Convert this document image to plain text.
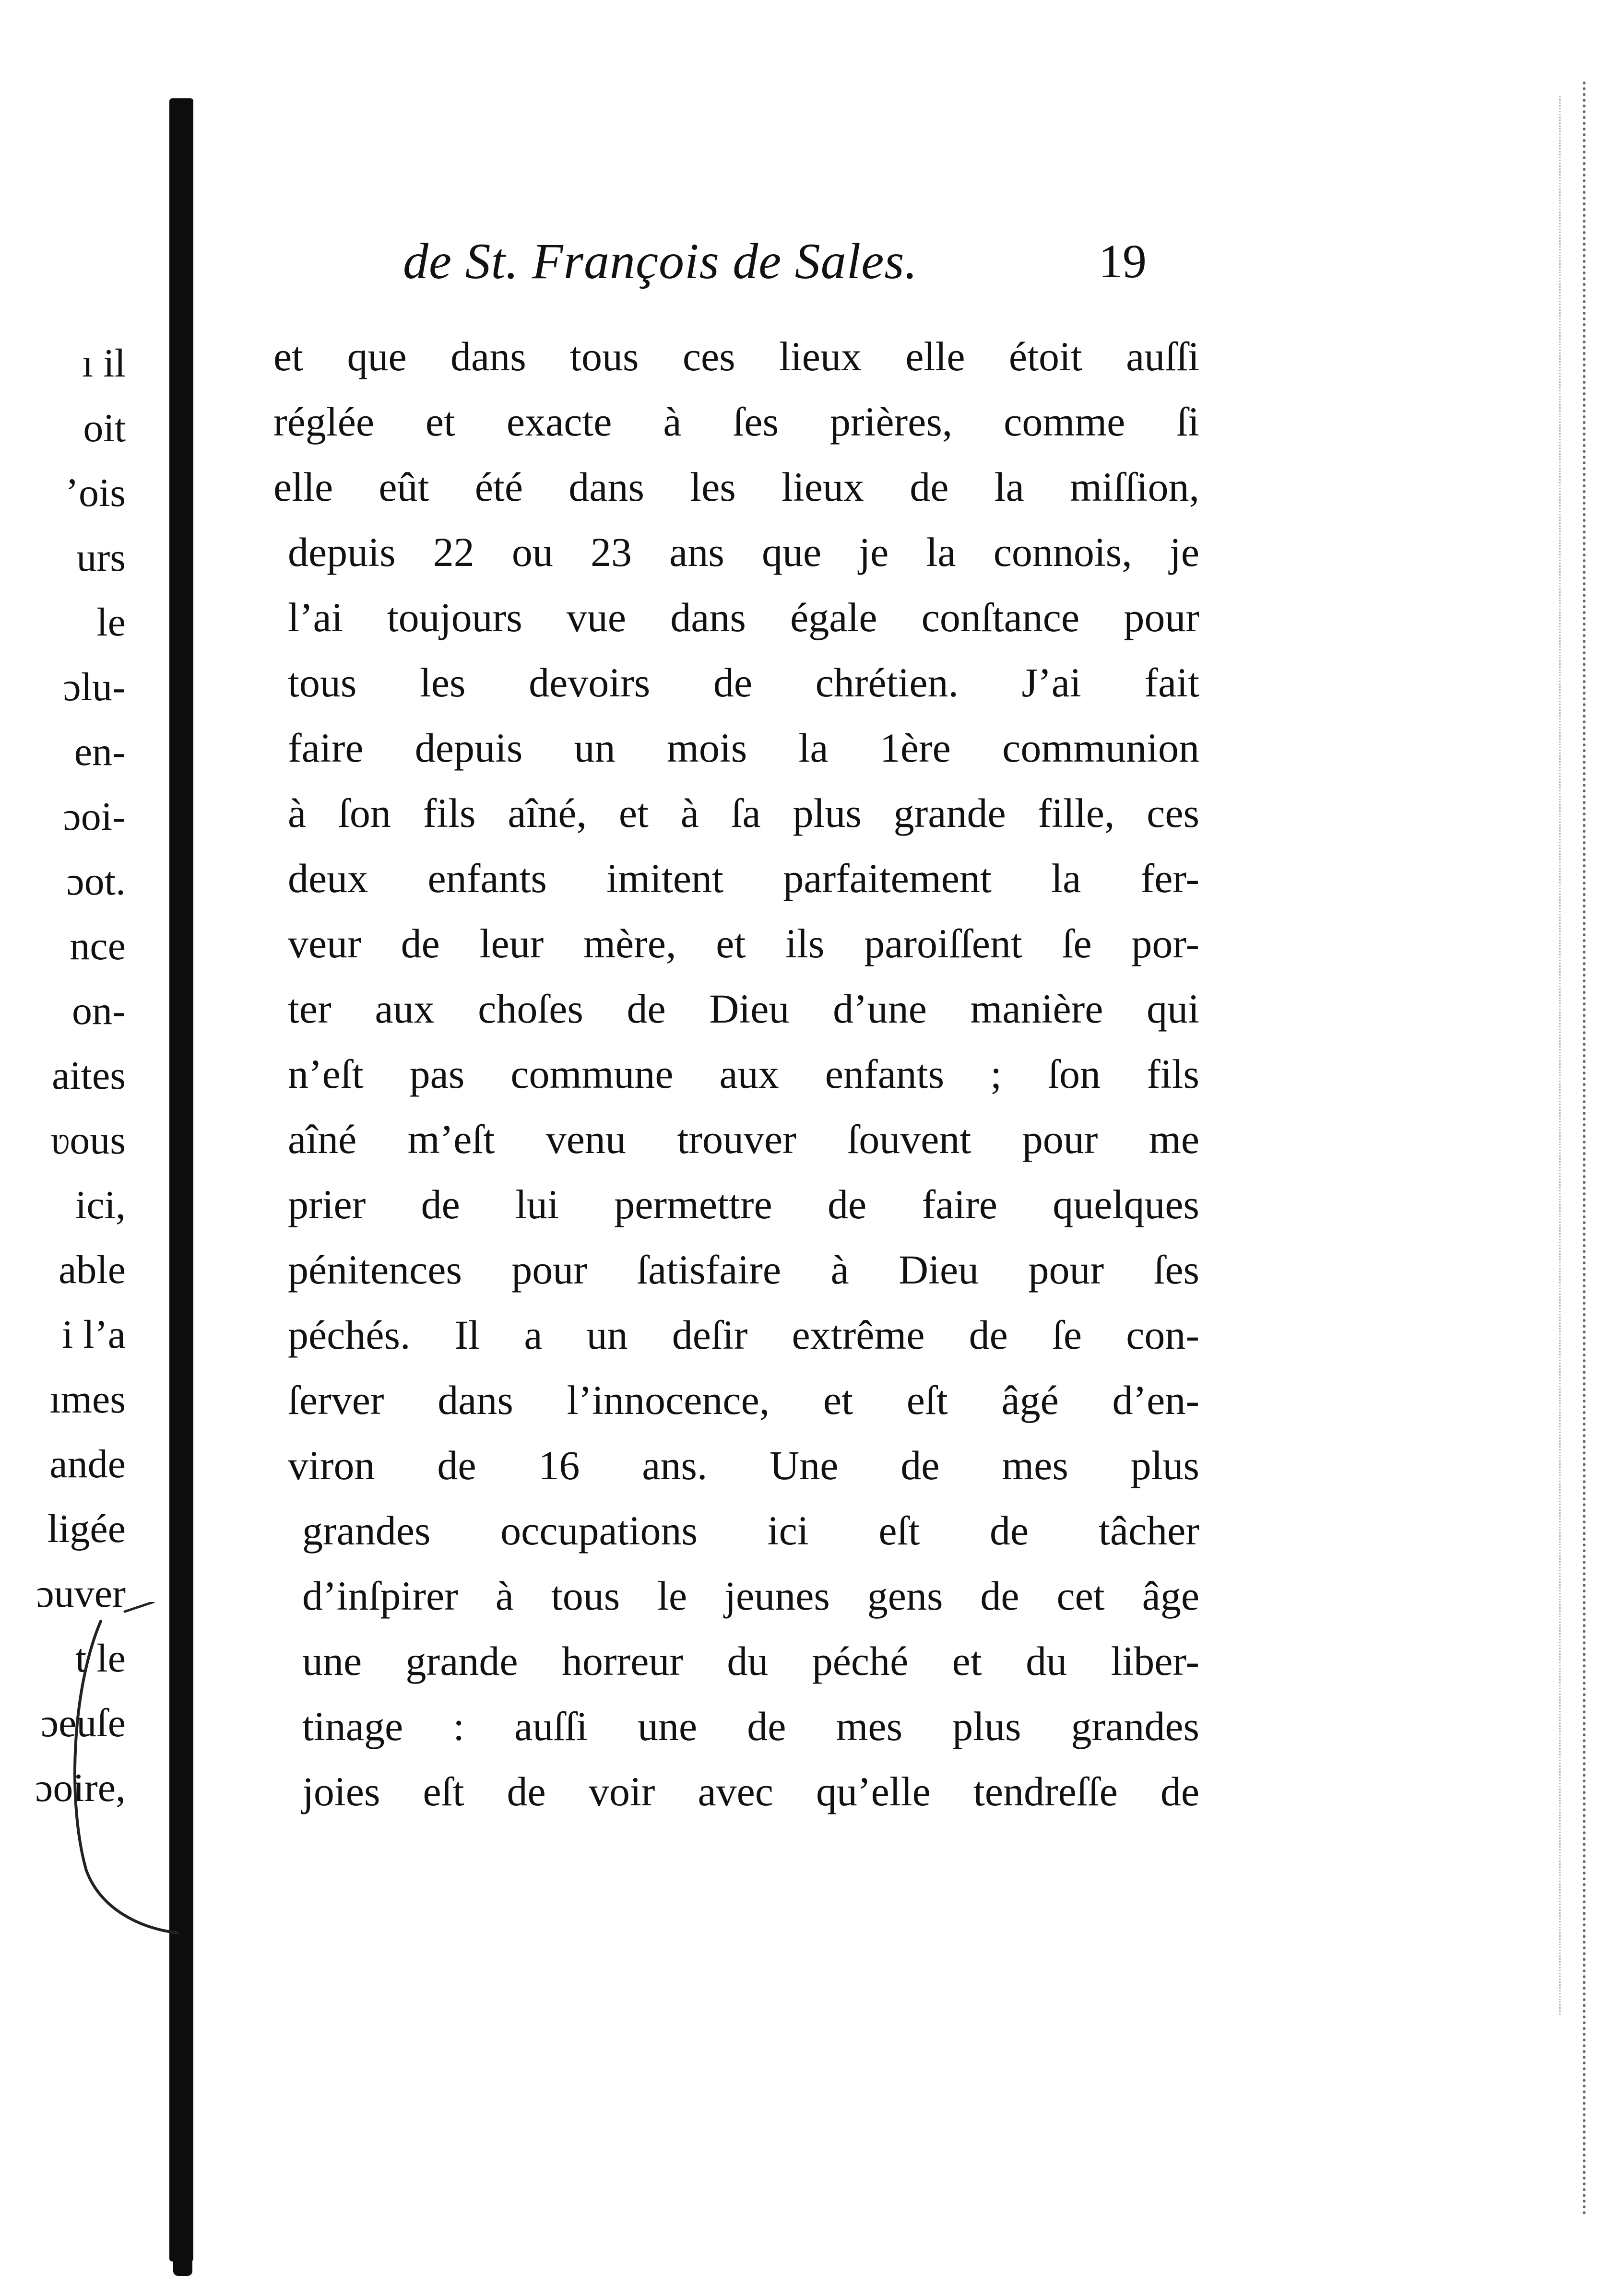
ı il
oit
ʼois
urs
le
ɔlu-
en-
ɔoi-
ɔot.
nce
on-
aites
ʋous
ici,
able
i l’a
ımes
ande
ligée
ɔuver
t le
ɔeuſe
ɔoire,
de St. François de Sales.	19
et que dans tous ces lieux elle étoit auſſi
réglée et exacte à ſes prières, comme ſi
elle eût été dans les lieux de la miſſion,
depuis 22 ou 23 ans que je la connois, je
l’ai toujours vue dans égale conſtance pour
tous les devoirs de chrétien. J’ai fait
faire depuis un mois la 1ère communion
à ſon fils aîné, et à ſa plus grande fille, ces
deux enfants imitent parfaitement la fer-
veur de leur mère, et ils paroiſſent ſe por-
ter aux choſes de Dieu d’une manière qui
n’eſt pas commune aux enfants ; ſon fils
aîné m’eſt venu trouver ſouvent pour me
prier de lui permettre de faire quelques
pénitences pour ſatisfaire à Dieu pour ſes
péchés. Il a un deſir extrême de ſe con-
ſerver dans l’innocence, et eſt âgé d’en-
viron de 16 ans. Une de mes plus
grandes occupations ici eſt de tâcher
d’inſpirer à tous le jeunes gens de cet âge
une grande horreur du péché et du liber-
tinage : auſſi une de mes plus grandes
joies eſt de voir avec qu’elle tendreſſe de
